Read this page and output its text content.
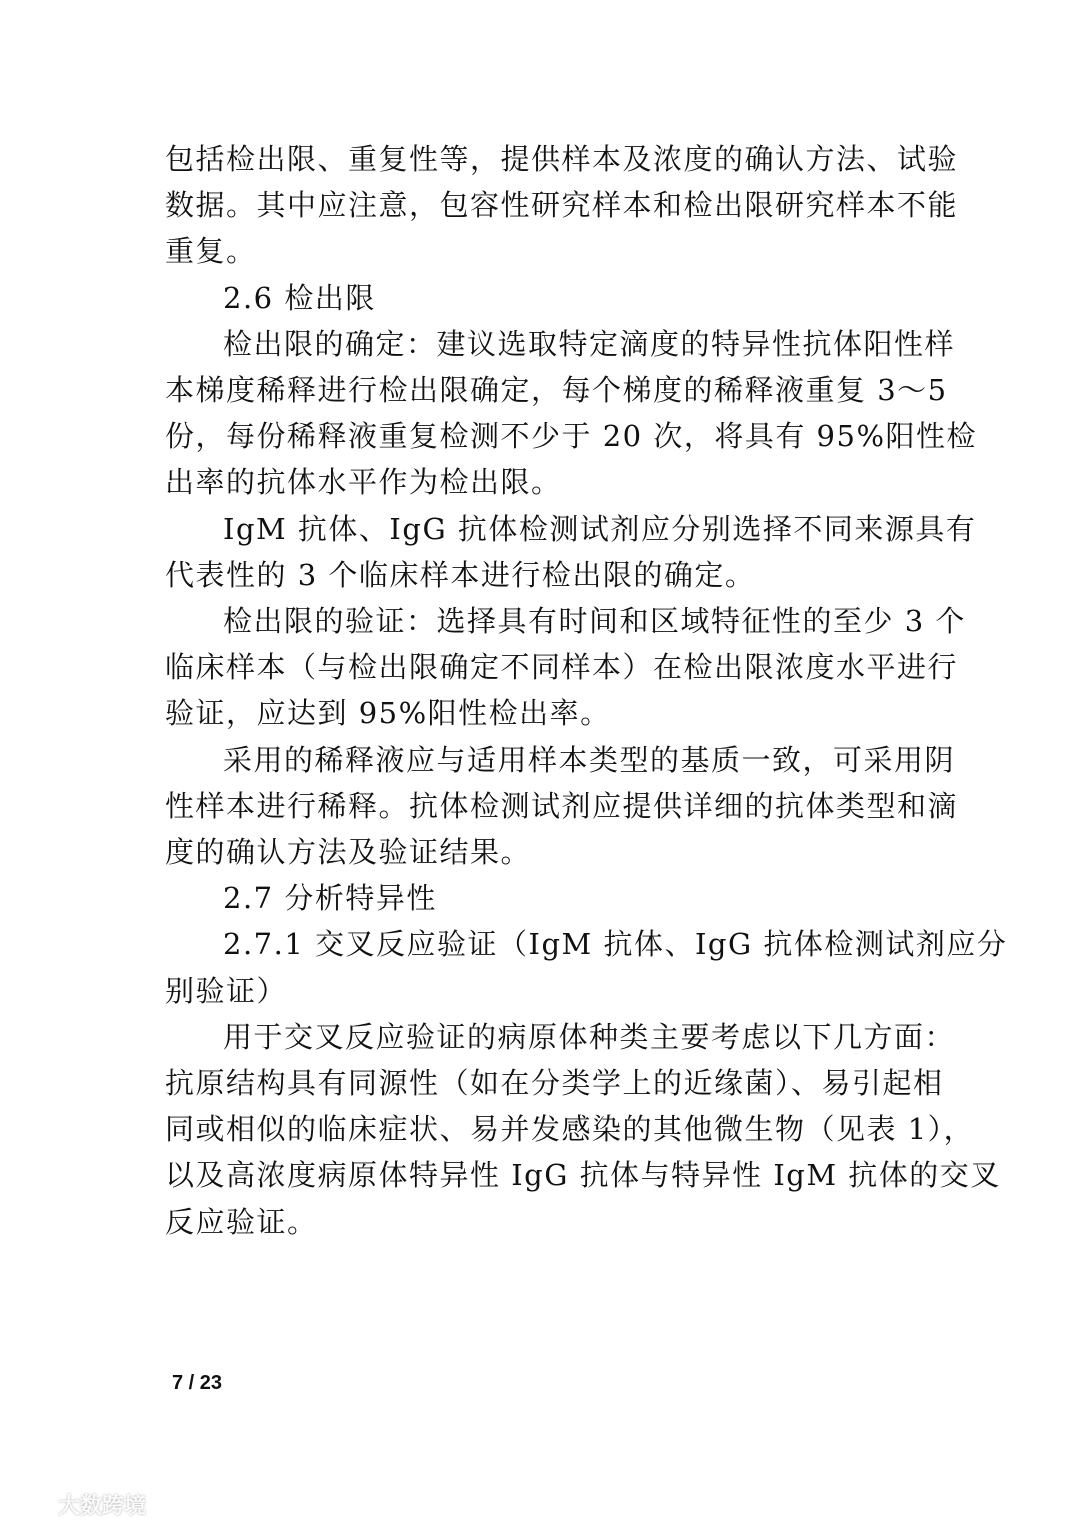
包括检出限、重复性等，提供样本及浓度的确认方法、试验
数据。其中应注意，包容性研究样本和检出限研究样本不能
重复。
2.6 检出限
检出限的确定：建议选取特定滴度的特异性抗体阳性样
本梯度稀释进行检出限确定，每个梯度的稀释液重复 3～5
份，每份稀释液重复检测不少于 20 次，将具有 95%阳性检
出率的抗体水平作为检出限。
IgM 抗体、IgG 抗体检测试剂应分别选择不同来源具有
代表性的 3 个临床样本进行检出限的确定。
检出限的验证：选择具有时间和区域特征性的至少 3 个
临床样本（与检出限确定不同样本）在检出限浓度水平进行
验证，应达到 95%阳性检出率。
采用的稀释液应与适用样本类型的基质一致，可采用阴
性样本进行稀释。抗体检测试剂应提供详细的抗体类型和滴
度的确认方法及验证结果。
2.7 分析特异性
2.7.1 交叉反应验证（IgM 抗体、IgG 抗体检测试剂应分
别验证）
用于交叉反应验证的病原体种类主要考虑以下几方面：
抗原结构具有同源性（如在分类学上的近缘菌）、易引起相
同或相似的临床症状、易并发感染的其他微生物（见表 1），
以及高浓度病原体特异性 IgG 抗体与特异性 IgM 抗体的交叉
反应验证。
7 / 23
大数跨境
